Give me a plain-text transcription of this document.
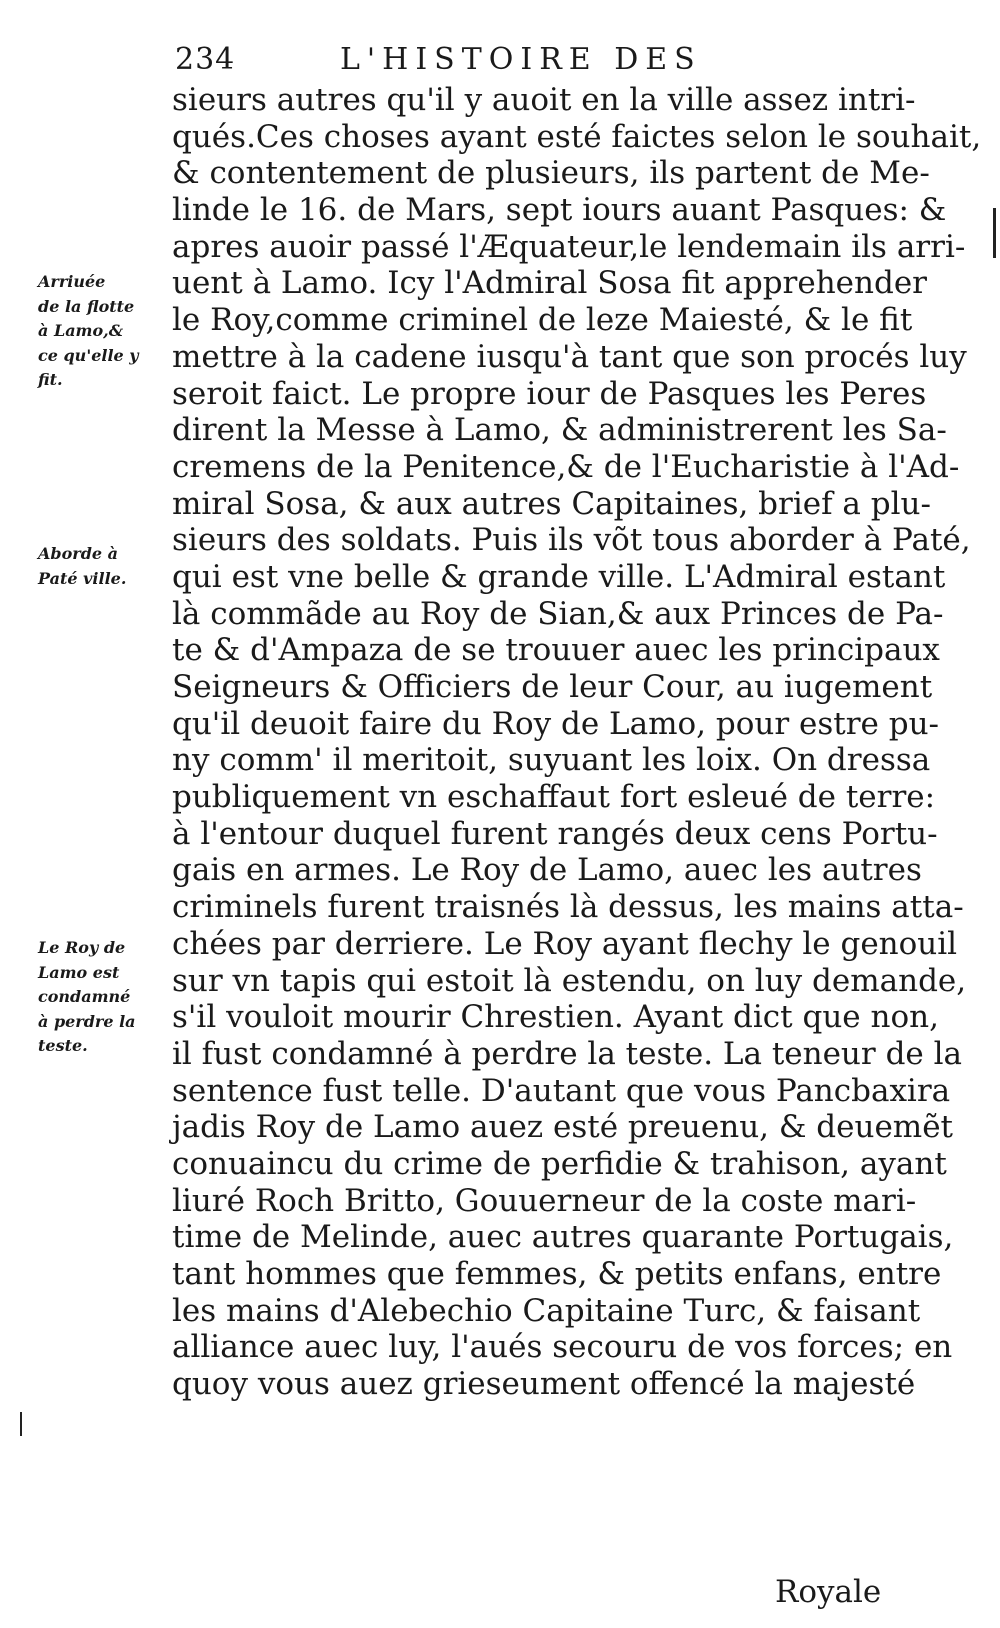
234	L'HISTOIRE DES
Arriuée
de la flotte
à Lamo,&
ce qu'elle y
fit.
Aborde à
Paté ville.
Le Roy de
Lamo est
condamné
à perdre la
teste.
sieurs autres qu'il y auoit en la ville assez intri-
qués.Ces choses ayant esté faictes selon le souhait,
& contentement de plusieurs, ils partent de Me-
linde le 16. de Mars, sept iours auant Pasques: &
apres auoir passé l'Æquateur,le lendemain ils arri-
uent à Lamo. Icy l'Admiral Sosa fit apprehender
le Roy,comme criminel de leze Maiesté, & le fit
mettre à la cadene iusqu'à tant que son procés luy
seroit faict. Le propre iour de Pasques les Peres
dirent la Messe à Lamo, & administrerent les Sa-
cremens de la Penitence,& de l'Eucharistie à l'Ad-
miral Sosa, & aux autres Capitaines, brief a plu-
sieurs des soldats. Puis ils võt tous aborder à Paté,
qui est vne belle & grande ville. L'Admiral estant
là commãde au Roy de Sian,& aux Princes de Pa-
te & d'Ampaza de se trouuer auec les principaux
Seigneurs & Officiers de leur Cour, au iugement
qu'il deuoit faire du Roy de Lamo, pour estre pu-
ny comm' il meritoit, suyuant les loix. On dressa
publiquement vn eschaffaut fort esleué de terre:
à l'entour duquel furent rangés deux cens Portu-
gais en armes. Le Roy de Lamo, auec les autres
criminels furent traisnés là dessus, les mains atta-
chées par derriere. Le Roy ayant flechy le genouil
sur vn tapis qui estoit là estendu, on luy demande,
s'il vouloit mourir Chrestien. Ayant dict que non,
il fust condamné à perdre la teste. La teneur de la
sentence fust telle. D'autant que vous Pancbaxira
jadis Roy de Lamo auez esté preuenu, & deuemẽt
conuaincu du crime de perfidie & trahison, ayant
liuré Roch Britto, Gouuerneur de la coste mari-
time de Melinde, auec autres quarante Portugais,
tant hommes que femmes, & petits enfans, entre
les mains d'Alebechio Capitaine Turc, & faisant
alliance auec luy, l'aués secouru de vos forces; en
quoy vous auez grieseument offencé la majesté
Royale
